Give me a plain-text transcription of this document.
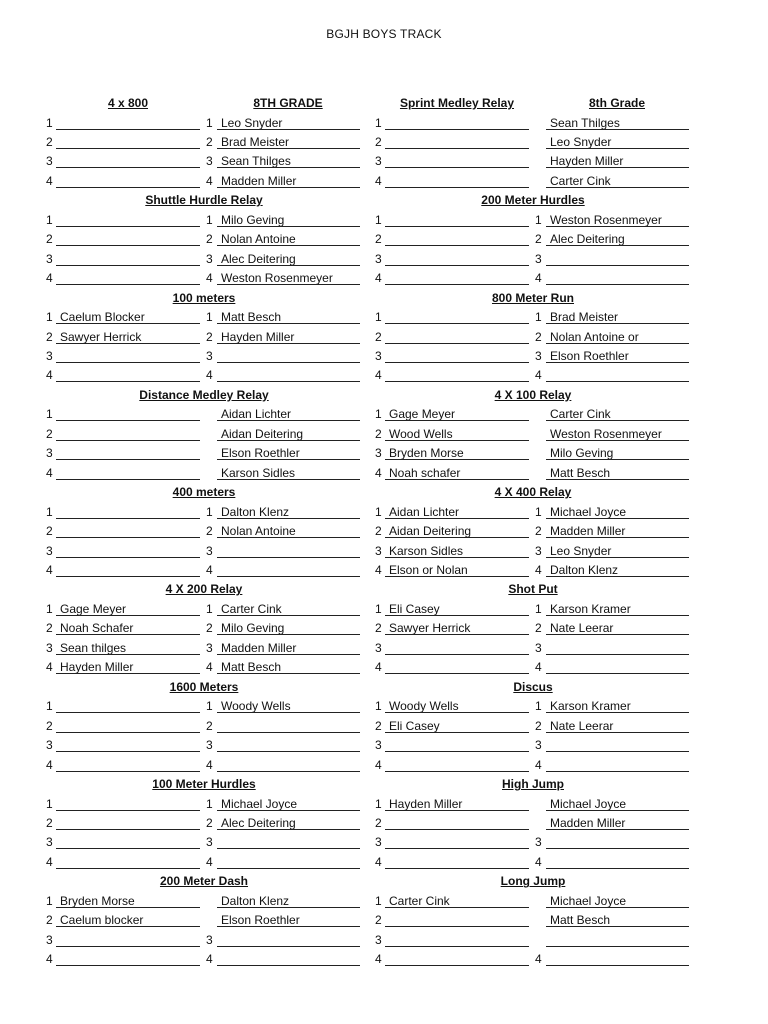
BGJH BOYS TRACK
4 x 800	8TH GRADE
1	1 Leo Snyder
2	2 Brad Meister
3	3 Sean Thilges
4	4 Madden Miller
Shuttle Hurdle Relay
1	1 Milo Geving
2	2 Nolan Antoine
3	3 Alec Deitering
4	4 Weston Rosenmeyer
100 meters
1 Caelum Blocker	1 Matt Besch
2 Sawyer Herrick	2 Hayden Miller
3	3
4	4
Distance Medley Relay
1	Aidan Lichter
2	Aidan Deitering
3	Elson Roethler
4	Karson Sidles
400 meters
1	1 Dalton Klenz
2	2 Nolan Antoine
3	3
4	4
4 X 200 Relay
1 Gage Meyer	1 Carter Cink
2 Noah Schafer	2 Milo Geving
3 Sean thilges	3 Madden Miller
4 Hayden Miller	4 Matt Besch
1600 Meters
1	1 Woody Wells
2	2
3	3
4	4
100 Meter Hurdles
1	1 Michael Joyce
2	2 Alec Deitering
3	3
4	4
200 Meter Dash
1 Bryden Morse	Dalton Klenz
2 Caelum blocker	Elson Roethler
3	3
4	4
Sprint Medley Relay	8th Grade
1	Sean Thilges
2	Leo Snyder
3	Hayden Miller
4	Carter Cink
200 Meter Hurdles
1	1 Weston Rosenmeyer
2	2 Alec Deitering
3	3
4	4
800 Meter Run
1	1 Brad Meister
2	2 Nolan Antoine or
3	3 Elson Roethler
4	4
4 X 100 Relay
1 Gage Meyer	Carter Cink
2 Wood Wells	Weston Rosenmeyer
3 Bryden Morse	Milo Geving
4 Noah schafer	Matt Besch
4 X 400 Relay
1 Aidan Lichter	1 Michael Joyce
2 Aidan Deitering	2 Madden Miller
3 Karson Sidles	3 Leo Snyder
4 Elson or Nolan	4 Dalton Klenz
Shot Put
1 Eli Casey	1 Karson Kramer
2 Sawyer Herrick	2 Nate Leerar
3	3
4	4
Discus
1 Woody Wells	1 Karson Kramer
2 Eli Casey	2 Nate Leerar
3	3
4	4
High Jump
1 Hayden Miller	Michael Joyce
2	Madden Miller
3	3
4	4
Long Jump
1 Carter Cink	Michael Joyce
2	Matt Besch
3
4	4
